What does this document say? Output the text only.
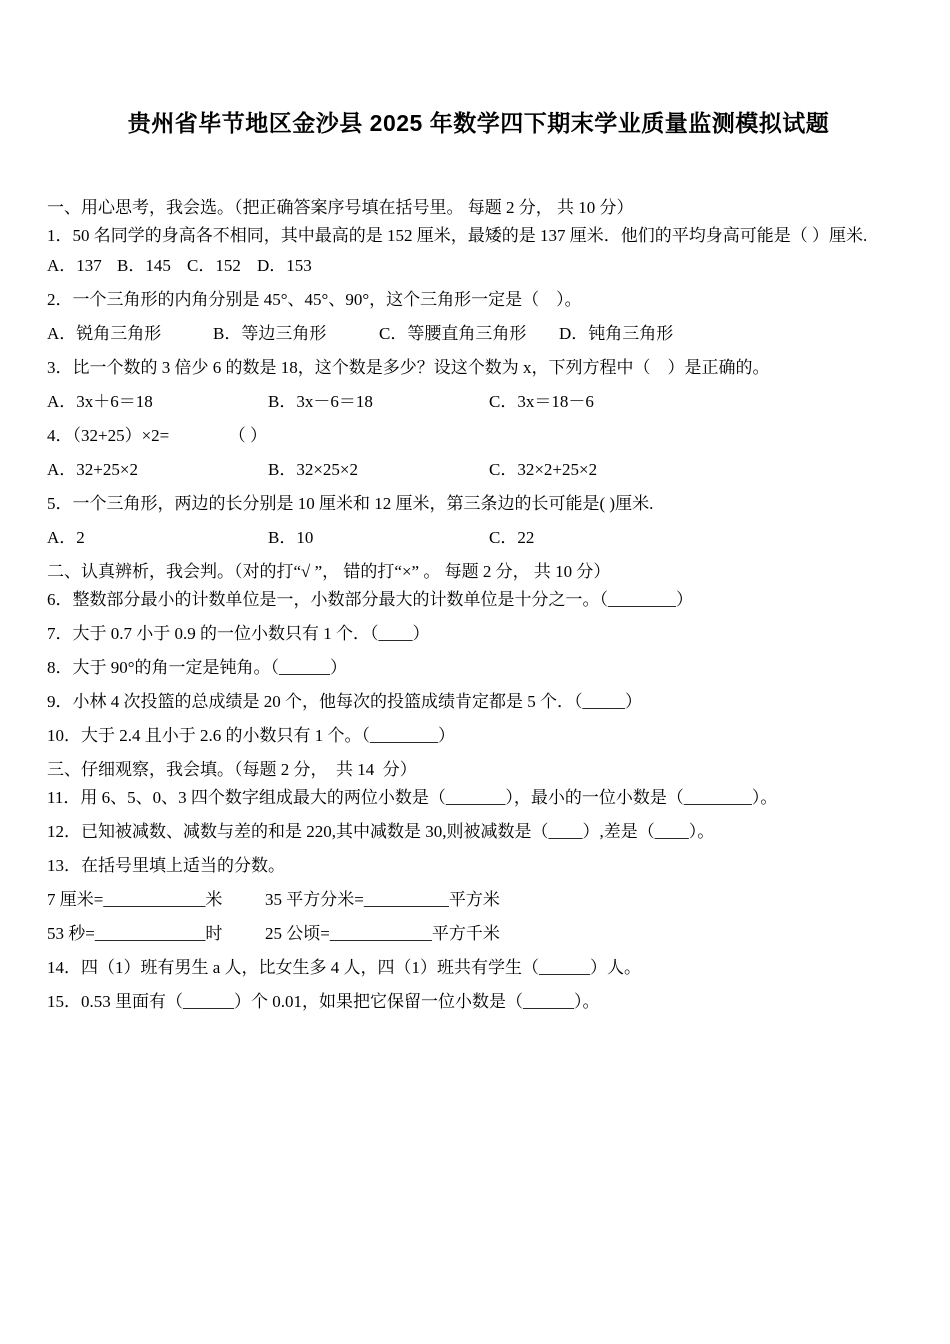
贵州省毕节地区金沙县 2025 年数学四下期末学业质量监测模拟试题
一、用心思考，我会选。（把正确答案序号填在括号里。 每题 2 分， 共 10 分）
1．50 名同学的身高各不相同，其中最高的是 152 厘米，最矮的是 137 厘米．他们的平均身高可能是（ ）厘米.
A．137 B．145 C．152 D．153
2．一个三角形的内角分别是 45°、45°、90°，这个三角形一定是（　）。
A．锐角三角形	B．等边三角形	C．等腰直角三角形	D．钝角三角形
3．比一个数的 3 倍少 6 的数是 18，这个数是多少？设这个数为 x，下列方程中（　）是正确的。
A．3x＋6＝18	B．3x－6＝18	C．3x＝18－6
4．（32+25）×2=　　　　（ ）
A．32+25×2	B．32×25×2	C．32×2+25×2
5．一个三角形，两边的长分别是 10 厘米和 12 厘米，第三条边的长可能是( )厘米.
A．2	B．10	C．22
二、认真辨析，我会判。（对的打“√ ”， 错的打“×” 。 每题 2 分， 共 10 分）
6．整数部分最小的计数单位是一，小数部分最大的计数单位是十分之一。（________）
7．大于 0.7 小于 0.9 的一位小数只有 1 个．（____）
8．大于 90°的角一定是钝角。（______）
9．小林 4 次投篮的总成绩是 20 个，他每次的投篮成绩肯定都是 5 个．（_____）
10．大于 2.4 且小于 2.6 的小数只有 1 个。（________）
三、仔细观察，我会填。（每题 2 分，  共 14  分）
11．用 6、5、0、3 四个数字组成最大的两位小数是（_______），最小的一位小数是（________）。
12．已知被减数、减数与差的和是 220,其中减数是 30,则被减数是（____）,差是（____）。
13．在括号里填上适当的分数。
7 厘米=____________米	35 平方分米=__________平方米
53 秒=_____________时	25 公顷=____________平方千米
14．四（1）班有男生 a 人，比女生多 4 人，四（1）班共有学生（______）人。
15．0.53 里面有（______）个 0.01，如果把它保留一位小数是（______）。
